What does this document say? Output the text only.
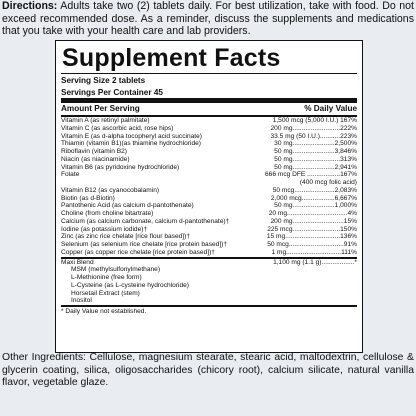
Directions: Adults take two (2) tablets daily. For best utilization, take with food. Do not exceed recommended dose. As a reminder, discuss the supplements and medications that you take with your health care and lab providers.
Supplement Facts
Serving Size 2 tablets
Servings Per Container 45
Amount Per Serving	% Daily Value
Vitamin A (as retinyl palmitate)	1,500 mcg (5,000 I.U.) 167%
Vitamin C (as ascorbic acid, rose hips)	200 mg..........................222%
Vitamin E (as d-alpha tocopheryl acid succinate)	33.5 mg (50 I.U.)...........223%
Thiamin (vitamin B1)(as thiamine hydrochloride)	30 mg.......................2,500%
Riboflavin (vitamin B2)	50 mg.......................3,846%
Niacin (as niacinamide)	50 mg..........................313%
Vitamin B6 (as pyridoxine hydrochloride)	50 mg.......................2,941%
Folate	666 mcg DFE ..................167%
(400 mcg folic acid)
Vitamin B12 (as cyanocobalamin)	50 mcg......................2,083%
Biotin (as d-Biotin)	2,000 mcg..................6,667%
Pantothenic Acid (as calcium d-pantothenate)	50 mg.......................1,000%
Choline (from choline bitartrate)	20 mg.................................4%
Calcium (as calcium carbonate, calcium d-pantothenate)†	200 mg............................15%
Iodine (as potassium iodide)†	225 mcg..........................150%
Zinc (as zinc rice chelate [rice flour based])†	15 mg..............................136%
Selenium (as selenium rice chelate [rice protein based])†	50 mcg..............................91%
Copper (as copper rice chelate [rice protein based])†	1 mg..............................111%
Maxi Blend	1,100 mg (1.1 g)..................*
MSM (methylsulfonylmethane)
L-Methionine (free form)
L-Cysteine (as L-cysteine hydrochloride)
Horsetail Extract (stem)
Inositol
* Daily Value not established.
Other Ingredients: Cellulose, magnesium stearate, stearic acid, maltodextrin, cellulose & glycerin coating, silica, oligosaccharides (chicory root), calcium silicate, natural vanilla flavor, vegetable glaze.
